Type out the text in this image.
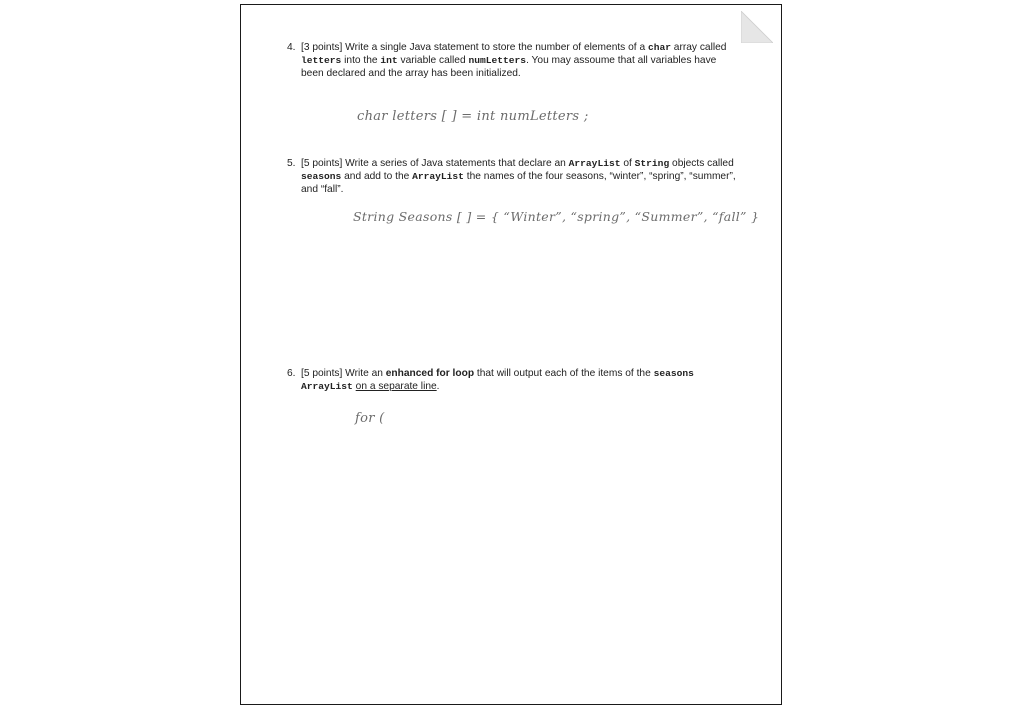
4. [3 points] Write a single Java statement to store the number of elements of a char array called letters into the int variable called numLetters. You may assoume that all variables have been declared and the array has been initialized.
char letters [ ] = int numLetters ;
5. [5 points] Write a series of Java statements that declare an ArrayList of String objects called seasons and add to the ArrayList the names of the four seasons, “winter”, “spring”, “summer”, and “fall”.
String Seasons [ ] = { “Winter”, “spring”, “Summer”, “fall” }
6. [5 points] Write an enhanced for loop that will output each of the items of the seasons ArrayList on a separate line.
for (
